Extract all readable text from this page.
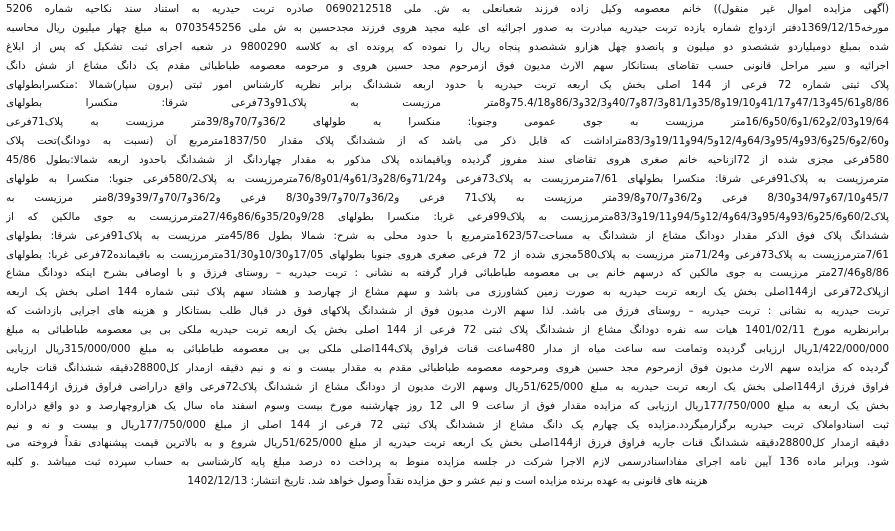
(آگهی مزایده اموال غیر منقول)) خانم معصومه وکیل زاده فرزند شعبانعلی به ش. ملی 0690212518 صادره تربت حیدریه به استناد سند نکاحیه شماره 5206
مورخه1369/12/15دفتر ازدواج شماره یازده تربت حیدریه مبادرت به صدور اجرائیه ای علیه مجید هروی فرزند مجدحسین به ش ملی 0703545256 به مبلغ چهار میلیون ریال محاسبه
شده بمبلغ دومیلیاردو ششصدو دو میلیون و پانصدو چهل هزارو ششصدو پنجاه ریال را نموده که پرونده ای به کلاسه 9800290 در شعبه اجرای ثبت تشکیل که پس از ابلاغ
اجرائیه و سیر مراحل قانونی حسب تقاضای بستانکار سهم الارث مدیون فوق ازمرحوم مجد حسین هروی و مرحومه معصومه طباطبائی مقدم یک دانگ مشاع از شش دانگ
پلاک ثبتی شماره 72 فرعی از 144 اصلی بخش یک اربعه تربت حیدریه با حدود اربعه ششدانگ برابر نظریه کارشناس امور ثبتی (برون سپار)شمالا :منکسرابطولهای
8/86و45/61و47/13و41/17و19/10و35/8و81/1و87/3و40/7و32/3و86/3و75.4/18و8متر مرزیست به پلاک91و73فرعی شرقا: منکسرا بطولهای
19/64و2/03و1/62و50/6و16/6متر مرزیست به جوی عمومی وجنوبا: منکسرا به طولهای 36/2و70/7و39/8متر مرزیست به پلاک71فرعی
و2/60و25/6و93/6و95/4و64/3و12/4و94/5و19/11و83/3متراداشت که قابل ذکر می باشد که از ششدانگ پلاک مقدار 1837/50مترمربع آن (نسبت به دودانگ)تحت پلاک
580فرعی مجزی شده از 72ازناحیه خانم صغری هروی تقاضای سند مفروز گردیده وباقیمانده پلاک مذکور به مقدار چهاردانگ از ششدانگ باحدود اربعه شمالا:بطول 45/86
مترمرزیست به پلاک91فرعی شرقا: منکسرا بطولهای 7/61مترمرزیست به پلاک73فرعی و71/24و28/6و61/3و01/4و76/8مترمرزیست به پلاک580/2فرعی جنوبا: منکسرا به طولهای
45/7و67/10و34/97و8/30 فرعی و36/2و70/7و39/8متر مرزیست به پلاک71 فرعی و36/2و70/7و39/7و8/30 فرعی و36/2و70/7و39/7و8/39متر مرزیست به
پلاک60/2و25/6و93/6و95/4و64/3و12/4و94/5و19/11و83/3مترمرزیست به پلاک99فرعی غربا: منکسرا بطولهای 9/28و35/20و86/6و27/46مترمرزیست به جوی مالکین که از
ششدانگ پلاک فوق الذکر مقدار دودانگ مشاع از ششدانگ به مساحت1623/57مترمربع با حدود محلی به شرح: شمالا بطول 45/86متر مرزیست به پلاک91فرعی شرقا: بطولهای
7/61مترمرزیست به پلاک73فرعی و71/24متر مرزیست به پلاک580مجزی شده از 72 فرعی صغری هروی جنوبا بطولهای 17/05و10/30و31/30مترمرزیست به باقیمانده72فرعی غربا: بطولهای
8/86و27/46متر مرزیست به جوی مالکین که درسهم خانم بی بی معصومه طباطبائی قرار گرفته به نشانی : تربت حیدریه – روستای فرزق و با اوصافی بشرح اینکه دودانگ مشاع
ازپلاک72فرعی از144اصلی بخش یک اربعه تربت حیدریه به صورت زمین کشاورزی می باشد و سهم مشاع از چهارصد و هشتاد سهم پلاک ثبتی شماره 144 اصلی بخش یک اربعه
تربت حیدریه به نشانی : تربت حیدریه – روستای فرزق می باشد. لذا سهم الارث مدیون فوق از ششدانگ پلاکهای فوق در قبال طلب بستانکار و هزینه های اجرایی بازداشت که
برابرنظریه مورخ 1401/02/11 هیات سه نفره دودانگ مشاع از ششدانگ پلاک ثبتی 72 فرعی از 144 اصلی بخش یک اربعه تربت حیدریه ملکی بی بی معصومه طباطبائی به مبلغ
1/422/000/000ریال ارزیابی گردیده وتمامت سه ساعت میاه از مدار 480ساعت قنات فراوق پلاک144اصلی ملکی بی بی معصومه طباطبائی به مبلغ 315/000/000ریال ارزیابی
گردیده که مزایده سهم الارث مدیون فوق ازمرحوم مجد حسین هروی ومرحومه معصومه طباطبائی مقدم به مقدار بیست و نه و نیم دقیقه ازمدار کل28800دقیقه ششدانگ قنات جاریه
فراوق فرزق از144اصلی بخش یک اربعه تربت حیدریه به مبلغ 51/625/000ریال وسهم الارث مدیون از دودانگ مشاع از ششدانگ پلاک72فرعی واقع دراراضی فراوق فرزق از144اصلی
بخش یک اربعه به مبلغ 177/750/000ریال ارزیابی که مزایده مقدار فوق از ساعت 9 الی 12 روز چهارشنبه مورخ بیست وسوم اسفند ماه سال یک هزاروچهارصد و دو واقع دراداره
ثبت اسنادواملاک تربت حیدریه برگزارمیگردد.مزایده یک چهارم یک دانگ مشاع از ششدانگ پلاک ثبتی 72 فرعی از 144 اصلی از مبلغ 177/750/000ریال و بیست و نه و نیم
دقیقه ازمدار کل28800دقیقه ششدانگ قنات جاریه فراوق فرزق از144اصلی بخش یک اربعه تربت حیدریه از مبلغ 51/625/000ریال شروع و به بالاترین قیمت پیشنهادی نقداً فروخته می
شود. وبرابر ماده 136 آیین نامه اجرای مفاداسنادرسمی لازم الاجرا شرکت در جلسه مزایده منوط به پرداخت ده درصد مبلغ پایه کارشناسی به حساب سپرده ثبت میباشد .و کلیه
هزینه های قانونی به عهده برنده مزایده است و نیم عشر و حق مزایده نقداً وصول خواهد شد. تاریخ انتشار: 1402/12/13
